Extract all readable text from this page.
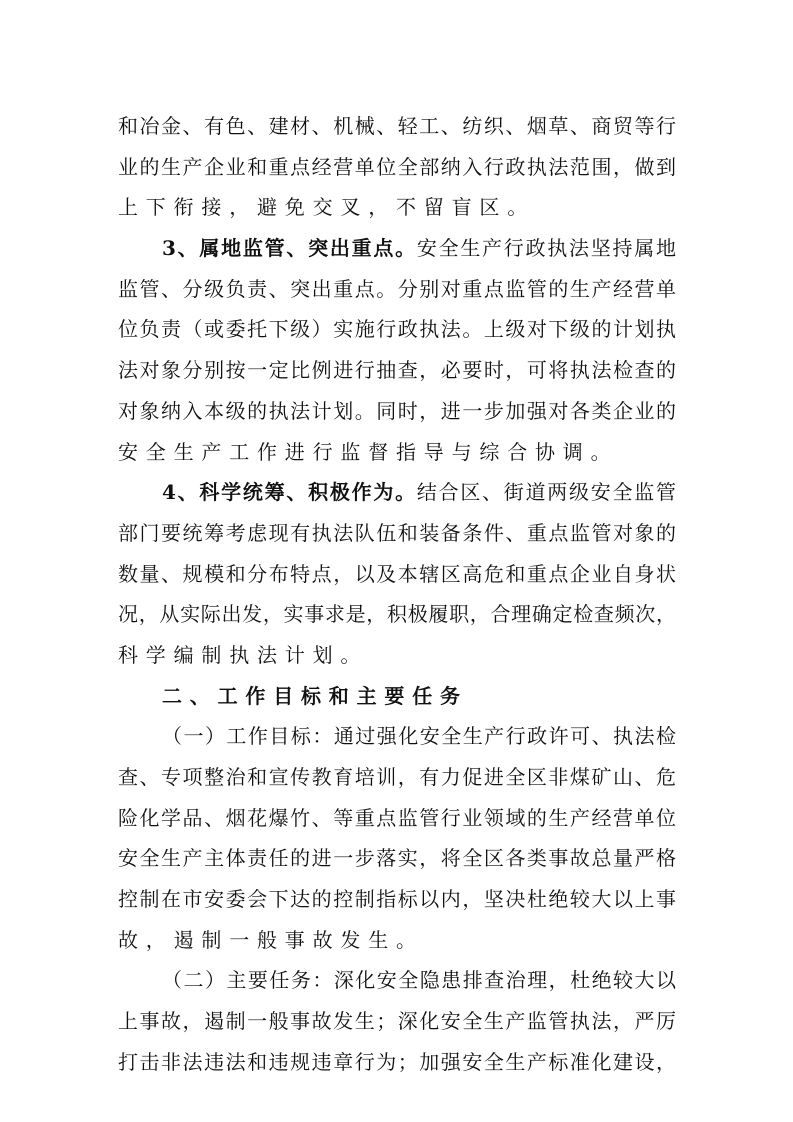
和冶金、有色、建材、机械、轻工、纺织、烟草、商贸等行
业的生产企业和重点经营单位全部纳入行政执法范围，做到
上下衔接，避免交叉，不留盲区。
3、属地监管、突出重点。安全生产行政执法坚持属地
监管、分级负责、突出重点。分别对重点监管的生产经营单
位负责（或委托下级）实施行政执法。上级对下级的计划执
法对象分别按一定比例进行抽查，必要时，可将执法检查的
对象纳入本级的执法计划。同时，进一步加强对各类企业的
安全生产工作进行监督指导与综合协调。
4、科学统筹、积极作为。结合区、街道两级安全监管
部门要统筹考虑现有执法队伍和装备条件、重点监管对象的
数量、规模和分布特点，以及本辖区高危和重点企业自身状
况，从实际出发，实事求是，积极履职，合理确定检查频次，
科学编制执法计划。
二、工作目标和主要任务
（一）工作目标：通过强化安全生产行政许可、执法检
查、专项整治和宣传教育培训，有力促进全区非煤矿山、危
险化学品、烟花爆竹、等重点监管行业领域的生产经营单位
安全生产主体责任的进一步落实，将全区各类事故总量严格
控制在市安委会下达的控制指标以内，坚决杜绝较大以上事
故，遏制一般事故发生。
（二）主要任务：深化安全隐患排查治理，杜绝较大以
上事故，遏制一般事故发生；深化安全生产监管执法，严厉
打击非法违法和违规违章行为；加强安全生产标准化建设，
